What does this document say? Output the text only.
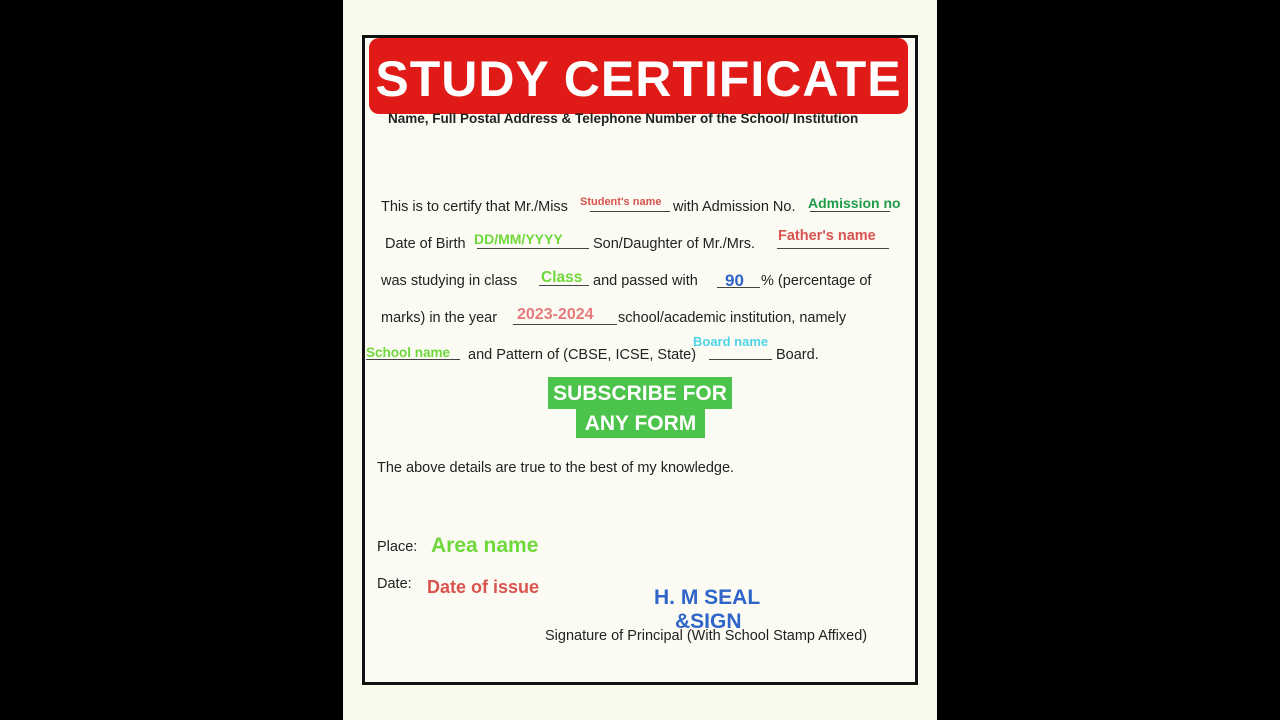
STUDY CERTIFICATE
Name, Full Postal Address & Telephone Number of the School/ Institution
This is to certify that Mr./Miss Student's name with Admission No. Admission no
Date of Birth DD/MM/YYYY Son/Daughter of Mr./Mrs. Father's name
was studying in class Class and passed with 90 % (percentage of
marks) in the year 2023-2024 school/academic institution, namely
School name and Pattern of (CBSE, ICSE, State)
Board name
Board.
SUBSCRIBE FOR
ANY FORM
The above details are true to the best of my knowledge.
Place: Area name
Date: Date of issue	H. M SEAL
&SIGN
Signature of Principal (With School Stamp Affixed)
